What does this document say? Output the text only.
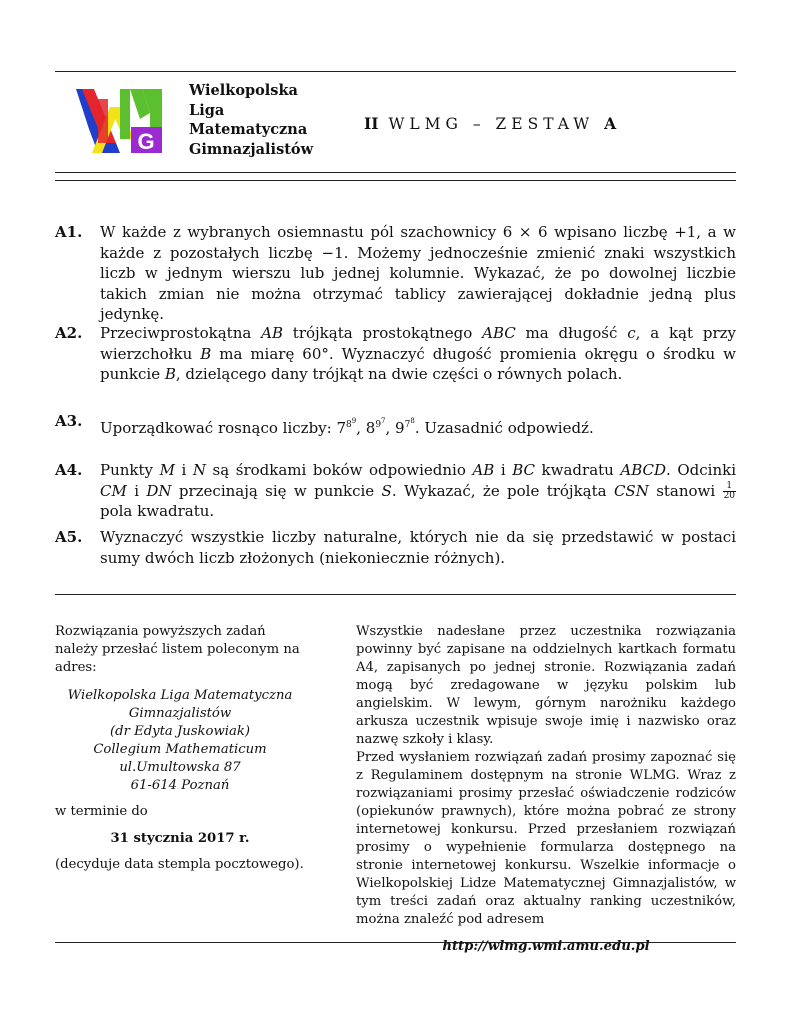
G
Wielkopolska
Liga
Matematyczna
Gimnazjalistów
II WLMG – ZESTAW A
A1. W każde z wybranych osiemnastu pól szachownicy 6 × 6 wpisano liczbę +1, a w każde z pozostałych liczbę −1. Możemy jednocześnie zmienić znaki wszystkich liczb w jednym wierszu lub jednej kolumnie. Wykazać, że po dowolnej liczbie takich zmian nie można otrzymać tablicy zawierającej dokładnie jedną plus jedynkę.
A2. Przeciwprostokątna AB trójkąta prostokątnego ABC ma długość c, a kąt przy wierzchołku B ma miarę 60°. Wyznaczyć długość promienia okręgu o środku w punkcie B, dzielącego dany trójkąt na dwie części o równych polach.
A3. Uporządkować rosnąco liczby: $7^{8^9}$, $8^{9^7}$, $9^{7^8}$. Uzasadnić odpowiedź.
A4. Punkty M i N są środkami boków odpowiednio AB i BC kwadratu ABCD. Odcinki CM i DN przecinają się w punkcie S. Wykazać, że pole trójkąta CSN stanowi $\frac{1}{20}$
pola kwadratu.
A5. Wyznaczyć wszystkie liczby naturalne, których nie da się przedstawić w postaci sumy dwóch liczb złożonych (niekoniecznie różnych).

Rozwiązania powyższych zadań należy przesłać listem poleconym na adres:

Wielkopolska Liga Matematyczna
Gimnazjalistów
(dr Edyta Juskowiak)
Collegium Mathematicum
ul.Umultowska 87
61-614 Poznań

w terminie do

31 stycznia 2017 r.

(decyduje data stempla pocztowego).

Wszystkie nadesłane przez uczestnika rozwiązania powinny być zapisane na oddzielnych kartkach formatu A4, zapisanych po jednej stronie. Rozwiązania zadań mogą być zredagowane w języku polskim lub angielskim. W lewym, górnym narożniku każdego arkusza uczestnik wpisuje swoje imię i nazwisko oraz nazwę szkoły i klasy.

Przed wysłaniem rozwiązań zadań prosimy zapoznać się z Regulaminem dostępnym na stronie WLMG. Wraz z rozwiązaniami prosimy przesłać oświadczenie rodziców (opiekunów prawnych), które można pobrać ze strony internetowej konkursu. Przed przesłaniem rozwiązań prosimy o wypełnienie formularza dostępnego na stronie internetowej konkursu. Wszelkie informacje o Wielkopolskiej Lidze Matematycznej Gimnazjalistów, w tym treści zadań oraz aktualny ranking uczestników, można znaleźć pod adresem

http://wlmg.wmi.amu.edu.pl
